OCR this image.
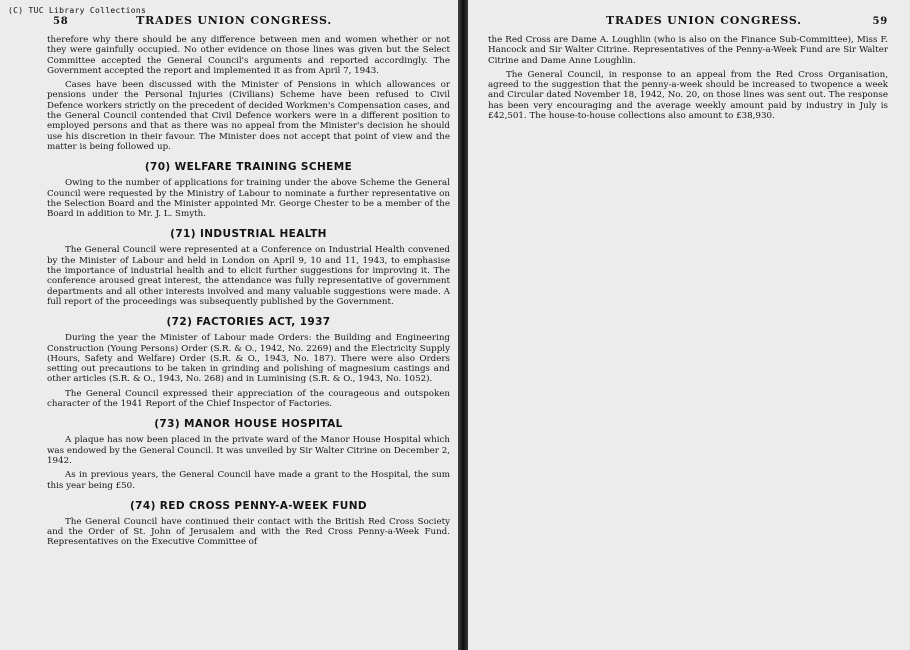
(C) TUC Library Collections
58	TRADES UNION CONGRESS.

therefore why there should be any difference between men and women whether or not they were gainfully occupied. No other evidence on those lines was given but the Select Committee accepted the General Council's arguments and reported accordingly. The Government accepted the report and implemented it as from April 7, 1943.

Cases have been discussed with the Minister of Pensions in which allowances or pensions under the Personal Injuries (Civilians) Scheme have been refused to Civil Defence workers strictly on the precedent of decided Workmen's Compensation cases, and the General Council contended that Civil Defence workers were in a different position to employed persons and that as there was no appeal from the Minister's decision he should use his discretion in their favour. The Minister does not accept that point of view and the matter is being followed up.

(70) WELFARE TRAINING SCHEME

Owing to the number of applications for training under the above Scheme the General Council were requested by the Ministry of Labour to nominate a further representative on the Selection Board and the Minister appointed Mr. George Chester to be a member of the Board in addition to Mr. J. L. Smyth.

(71) INDUSTRIAL HEALTH

The General Council were represented at a Conference on Industrial Health convened by the Minister of Labour and held in London on April 9, 10 and 11, 1943, to emphasise the importance of industrial health and to elicit further suggestions for improving it. The conference aroused great interest, the attendance was fully representative of government departments and all other interests involved and many valuable suggestions were made. A full report of the proceedings was subsequently published by the Government.

(72) FACTORIES ACT, 1937

During the year the Minister of Labour made Orders: the Building and Engineering Construction (Young Persons) Order (S.R. & O., 1942, No. 2269) and the Electricity Supply (Hours, Safety and Welfare) Order (S.R. & O., 1943, No. 187). There were also Orders setting out precautions to be taken in grinding and polishing of magnesium castings and other articles (S.R. & O., 1943, No. 268) and in Luminising (S.R. & O., 1943, No. 1052).

The General Council expressed their appreciation of the courageous and outspoken character of the 1941 Report of the Chief Inspector of Factories.

(73) MANOR HOUSE HOSPITAL

A plaque has now been placed in the private ward of the Manor House Hospital which was endowed by the General Council. It was unveiled by Sir Walter Citrine on December 2, 1942.

As in previous years, the General Council have made a grant to the Hospital, the sum this year being £50.

(74) RED CROSS PENNY-A-WEEK FUND

The General Council have continued their contact with the British Red Cross Society and the Order of St. John of Jerusalem and with the Red Cross Penny-a-Week Fund. Representatives on the Executive Committee of

TRADES UNION CONGRESS.	59

the Red Cross are Dame A. Loughlin (who is also on the Finance Sub-Committee), Miss F. Hancock and Sir Walter Citrine. Representatives of the Penny-a-Week Fund are Sir Walter Citrine and Dame Anne Loughlin.

The General Council, in response to an appeal from the Red Cross Organisation, agreed to the suggestion that the penny-a-week should be increased to twopence a week and Circular dated November 18, 1942, No. 20, on those lines was sent out. The response has been very encouraging and the average weekly amount paid by industry in July is £42,501. The house-to-house collections also amount to £38,930.
